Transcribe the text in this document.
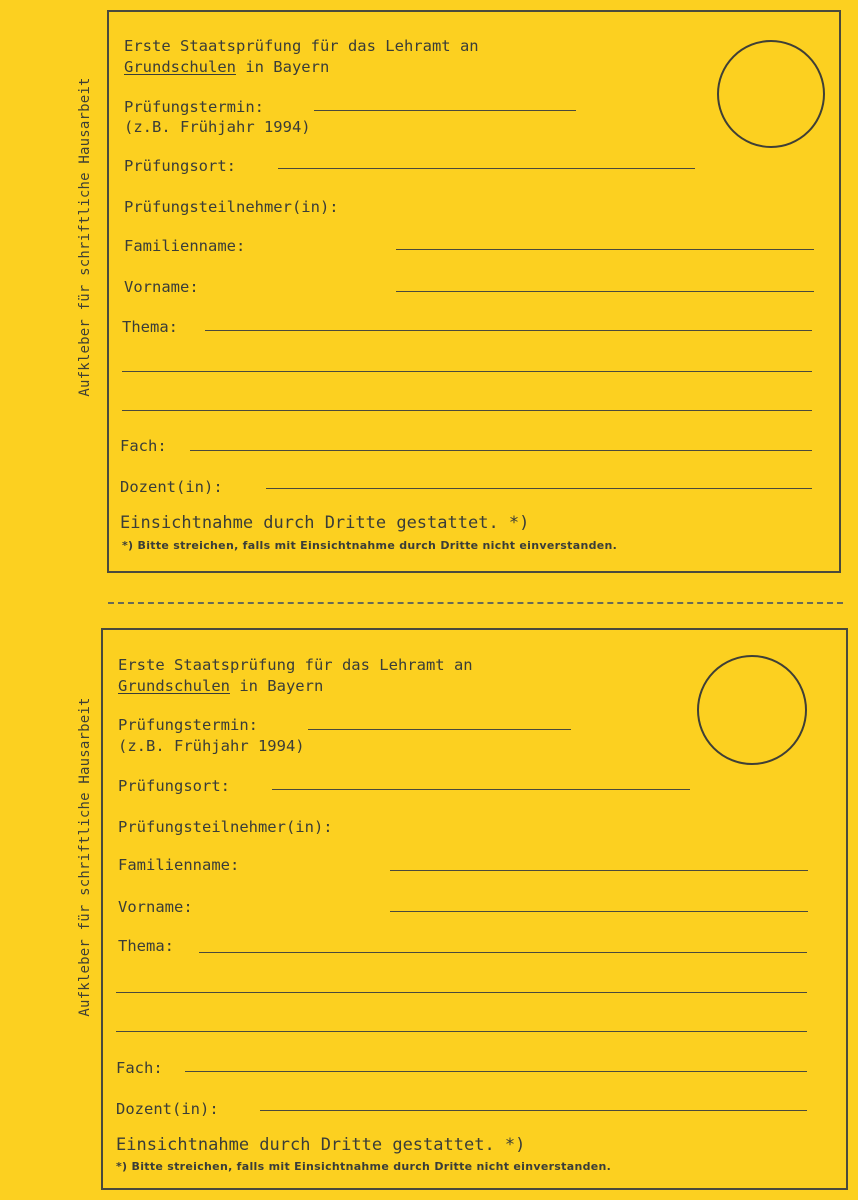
Aufkleber für schriftliche Hausarbeit
Erste Staatsprüfung für das Lehramt an
Grundschulen in Bayern
Prüfungstermin:
(z.B. Frühjahr 1994)
Prüfungsort:
Prüfungsteilnehmer(in):
Familienname:
Vorname:
Thema:
Fach:
Dozent(in):
Einsichtnahme durch Dritte gestattet. *)
*) Bitte streichen, falls mit Einsichtnahme durch Dritte nicht einverstanden.
Aufkleber für schriftliche Hausarbeit
Erste Staatsprüfung für das Lehramt an
Grundschulen in Bayern
Prüfungstermin:
(z.B. Frühjahr 1994)
Prüfungsort:
Prüfungsteilnehmer(in):
Familienname:
Vorname:
Thema:
Fach:
Dozent(in):
Einsichtnahme durch Dritte gestattet. *)
*) Bitte streichen, falls mit Einsichtnahme durch Dritte nicht einverstanden.
